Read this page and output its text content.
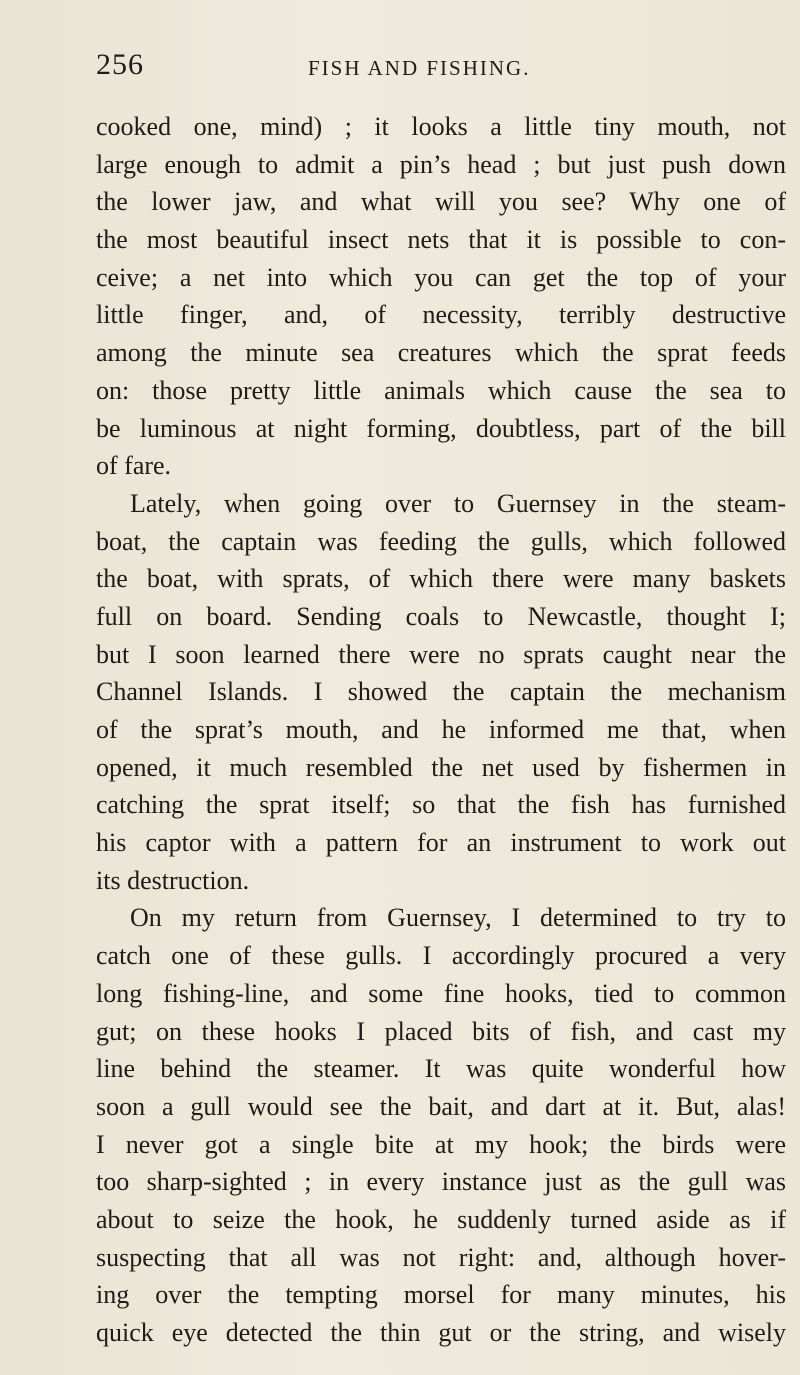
256	FISH AND FISHING.
cooked one, mind) ; it looks a little tiny mouth, not
large enough to admit a pin’s head ; but just push down
the lower jaw, and what will you see? Why one of
the most beautiful insect nets that it is possible to con-
ceive; a net into which you can get the top of your
little finger, and, of necessity, terribly destructive
among the minute sea creatures which the sprat feeds
on: those pretty little animals which cause the sea to
be luminous at night forming, doubtless, part of the bill
of fare.
Lately, when going over to Guernsey in the steam-
boat, the captain was feeding the gulls, which followed
the boat, with sprats, of which there were many baskets
full on board. Sending coals to Newcastle, thought I;
but I soon learned there were no sprats caught near the
Channel Islands. I showed the captain the mechanism
of the sprat’s mouth, and he informed me that, when
opened, it much resembled the net used by fishermen in
catching the sprat itself; so that the fish has furnished
his captor with a pattern for an instrument to work out
its destruction.
On my return from Guernsey, I determined to try to
catch one of these gulls. I accordingly procured a very
long fishing-line, and some fine hooks, tied to common
gut; on these hooks I placed bits of fish, and cast my
line behind the steamer. It was quite wonderful how
soon a gull would see the bait, and dart at it. But, alas!
I never got a single bite at my hook; the birds were
too sharp-sighted ; in every instance just as the gull was
about to seize the hook, he suddenly turned aside as if
suspecting that all was not right: and, although hover-
ing over the tempting morsel for many minutes, his
quick eye detected the thin gut or the string, and wisely
